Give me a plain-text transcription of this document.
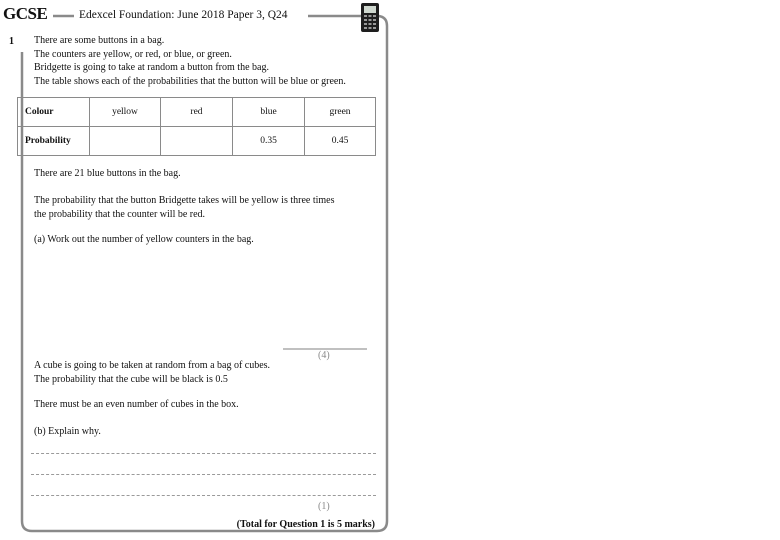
GCSE	Edexcel Foundation: June 2018 Paper 3, Q24
1 There are some buttons in a bag.
The counters are yellow, or red, or blue, or green.
Bridgette is going to take at random a button from the bag.
The table shows each of the probabilities that the button will be blue or green.
Colour	yellow	red	blue	green
Probability			0.35	0.45
There are 21 blue buttons in the bag.
The probability that the button Bridgette takes will be yellow is three times
the probability that the counter will be red.
(a) Work out the number of yellow counters in the bag.
(4)
A cube is going to be taken at random from a bag of cubes.
The probability that the cube will be black is 0.5
There must be an even number of cubes in the box.
(b) Explain why.
(1)
(Total for Question 1 is 5 marks)
